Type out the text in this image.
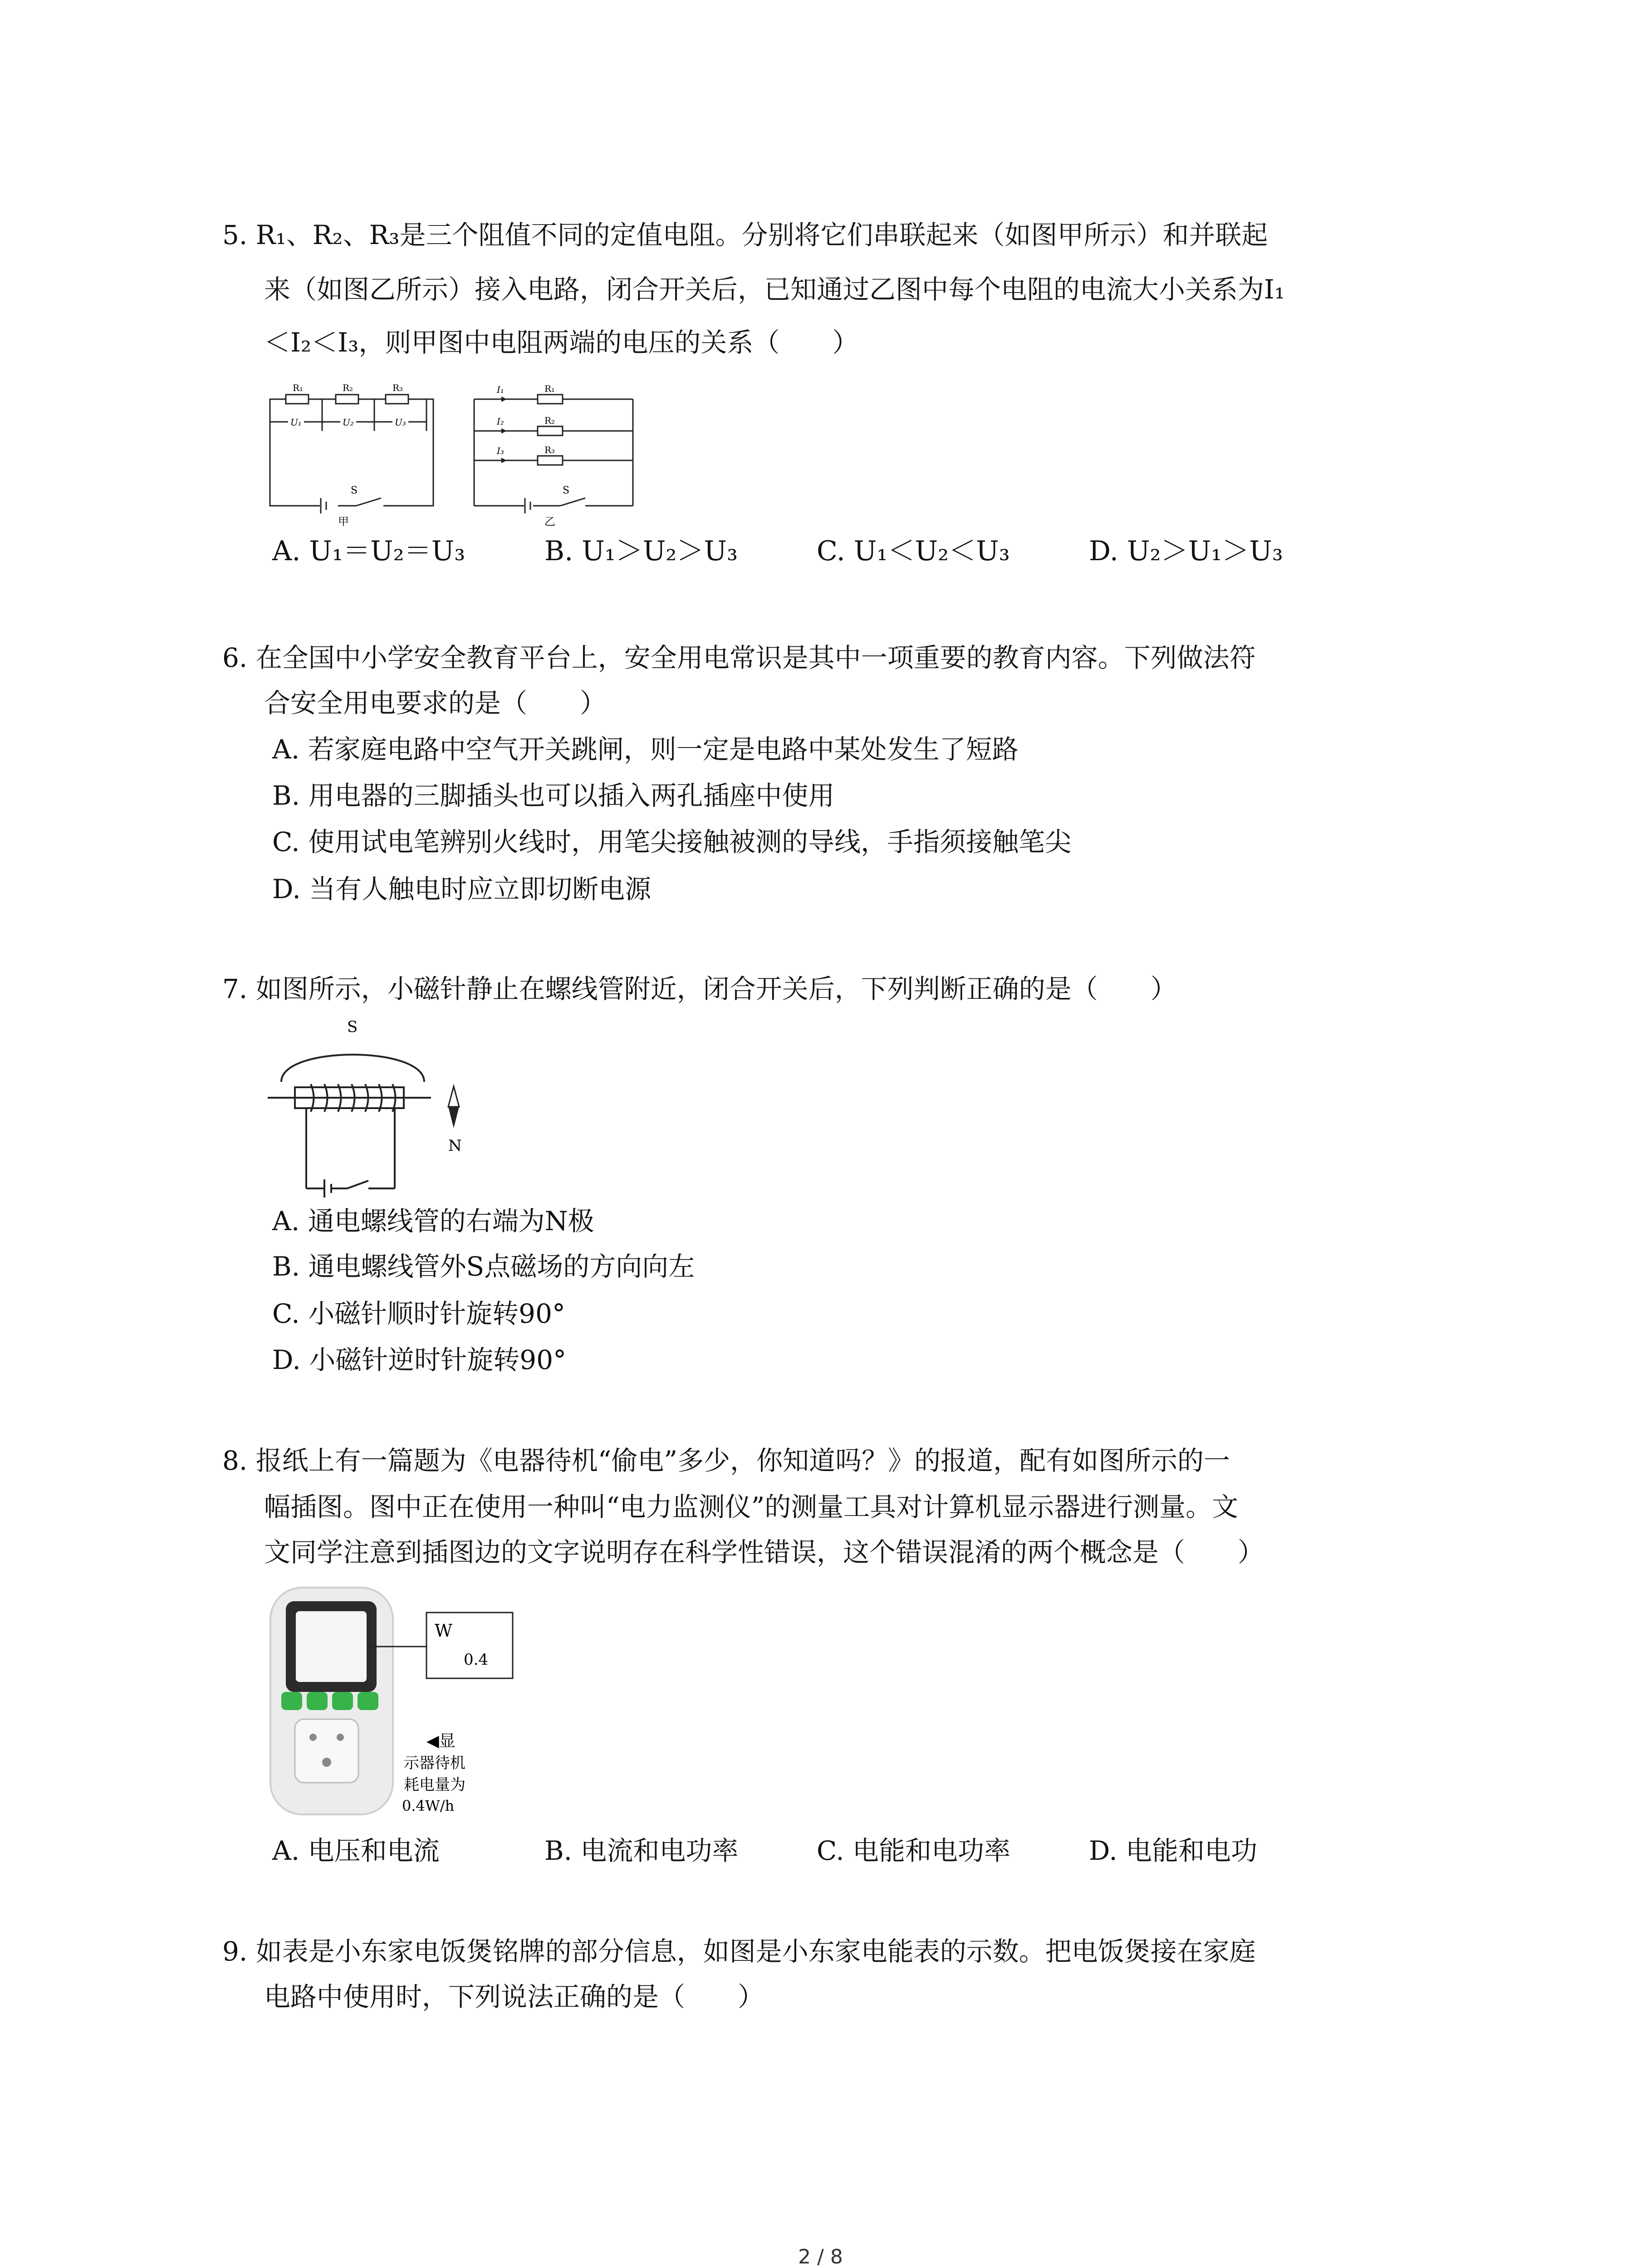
5. R₁、R₂、R₃是三个阻值不同的定值电阻。分别将它们串联起来（如图甲所示）和并联起
来（如图乙所示）接入电路，闭合开关后，已知通过乙图中每个电阻的电流大小关系为I₁
＜I₂＜I₃，则甲图中电阻两端的电压的关系（　　）
R₁	R₂	R₃
U₁	U₂	U₃
S
甲
I₁
I₂
I₃
R₁
R₂
R₃
S
乙
A. U₁＝U₂＝U₃	B. U₁＞U₂＞U₃	C. U₁＜U₂＜U₃	D. U₂＞U₁＞U₃
6. 在全国中小学安全教育平台上，安全用电常识是其中一项重要的教育内容。下列做法符
合安全用电要求的是（　　）
A. 若家庭电路中空气开关跳闸，则一定是电路中某处发生了短路
B. 用电器的三脚插头也可以插入两孔插座中使用
C. 使用试电笔辨别火线时，用笔尖接触被测的导线，手指须接触笔尖
D. 当有人触电时应立即切断电源
7. 如图所示，小磁针静止在螺线管附近，闭合开关后，下列判断正确的是（　　）
S
N
A. 通电螺线管的右端为N极
B. 通电螺线管外S点磁场的方向向左
C. 小磁针顺时针旋转90°
D. 小磁针逆时针旋转90°
8. 报纸上有一篇题为《电器待机“偷电”多少，你知道吗？》的报道，配有如图所示的一
幅插图。图中正在使用一种叫“电力监测仪”的测量工具对计算机显示器进行测量。文
文同学注意到插图边的文字说明存在科学性错误，这个错误混淆的两个概念是（　　）
W
0.4
◀显
示器待机
耗电量为
0.4W/h
A. 电压和电流	B. 电流和电功率	C. 电能和电功率	D. 电能和电功
9. 如表是小东家电饭煲铭牌的部分信息，如图是小东家电能表的示数。把电饭煲接在家庭
电路中使用时，下列说法正确的是（　　）
2 / 8
